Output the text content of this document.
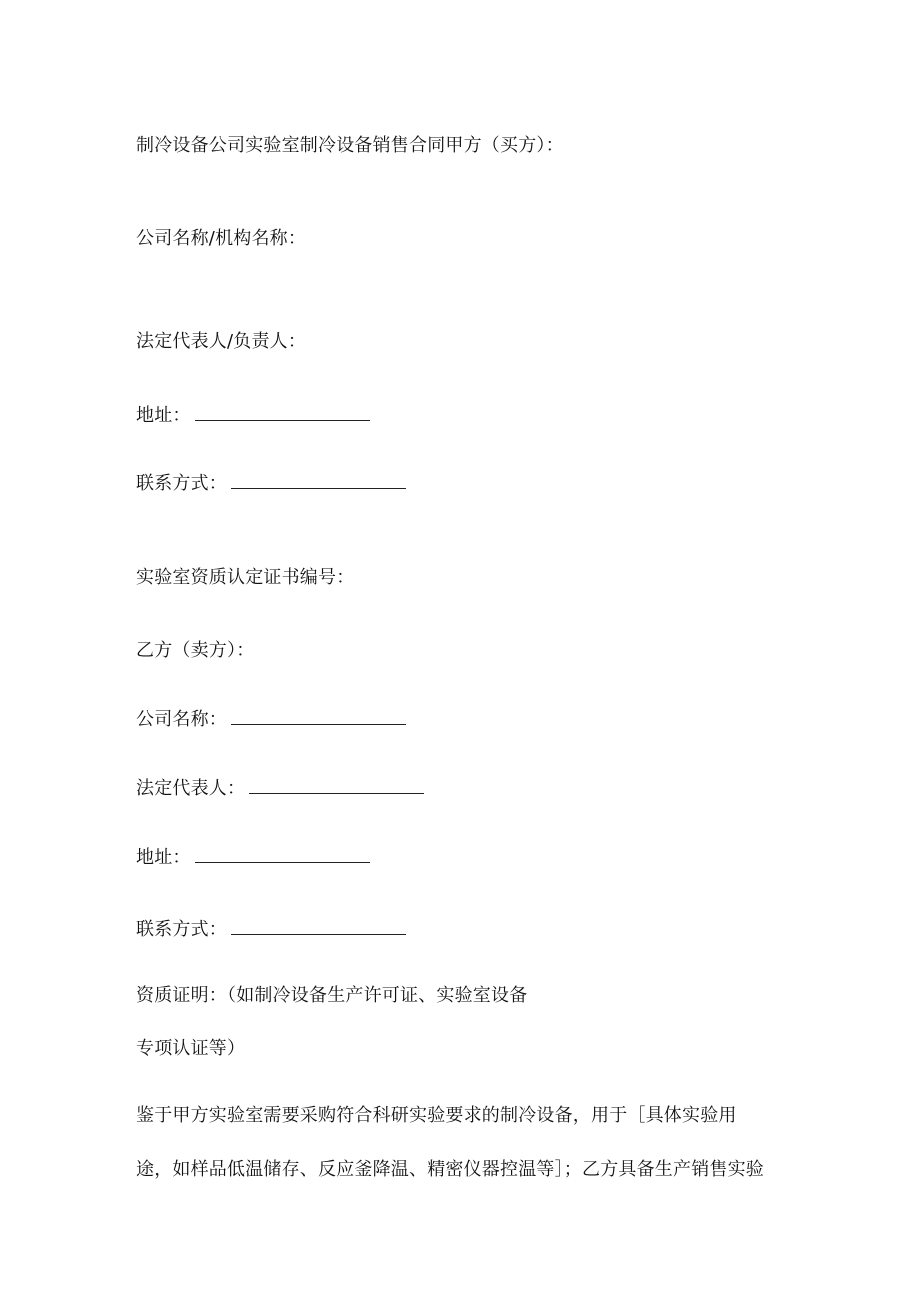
制冷设备公司实验室制冷设备销售合同甲方（买方）：
公司名称/机构名称：
法定代表人/负责人：
地址：
联系方式：
实验室资质认定证书编号：
乙方（卖方）：
公司名称：
法定代表人：
地址：
联系方式：
资质证明：（如制冷设备生产许可证、实验室设备
专项认证等）
鉴于甲方实验室需要采购符合科研实验要求的制冷设备，用于［具体实验用
途，如样品低温储存、反应釜降温、精密仪器控温等］；乙方具备生产销售实验
